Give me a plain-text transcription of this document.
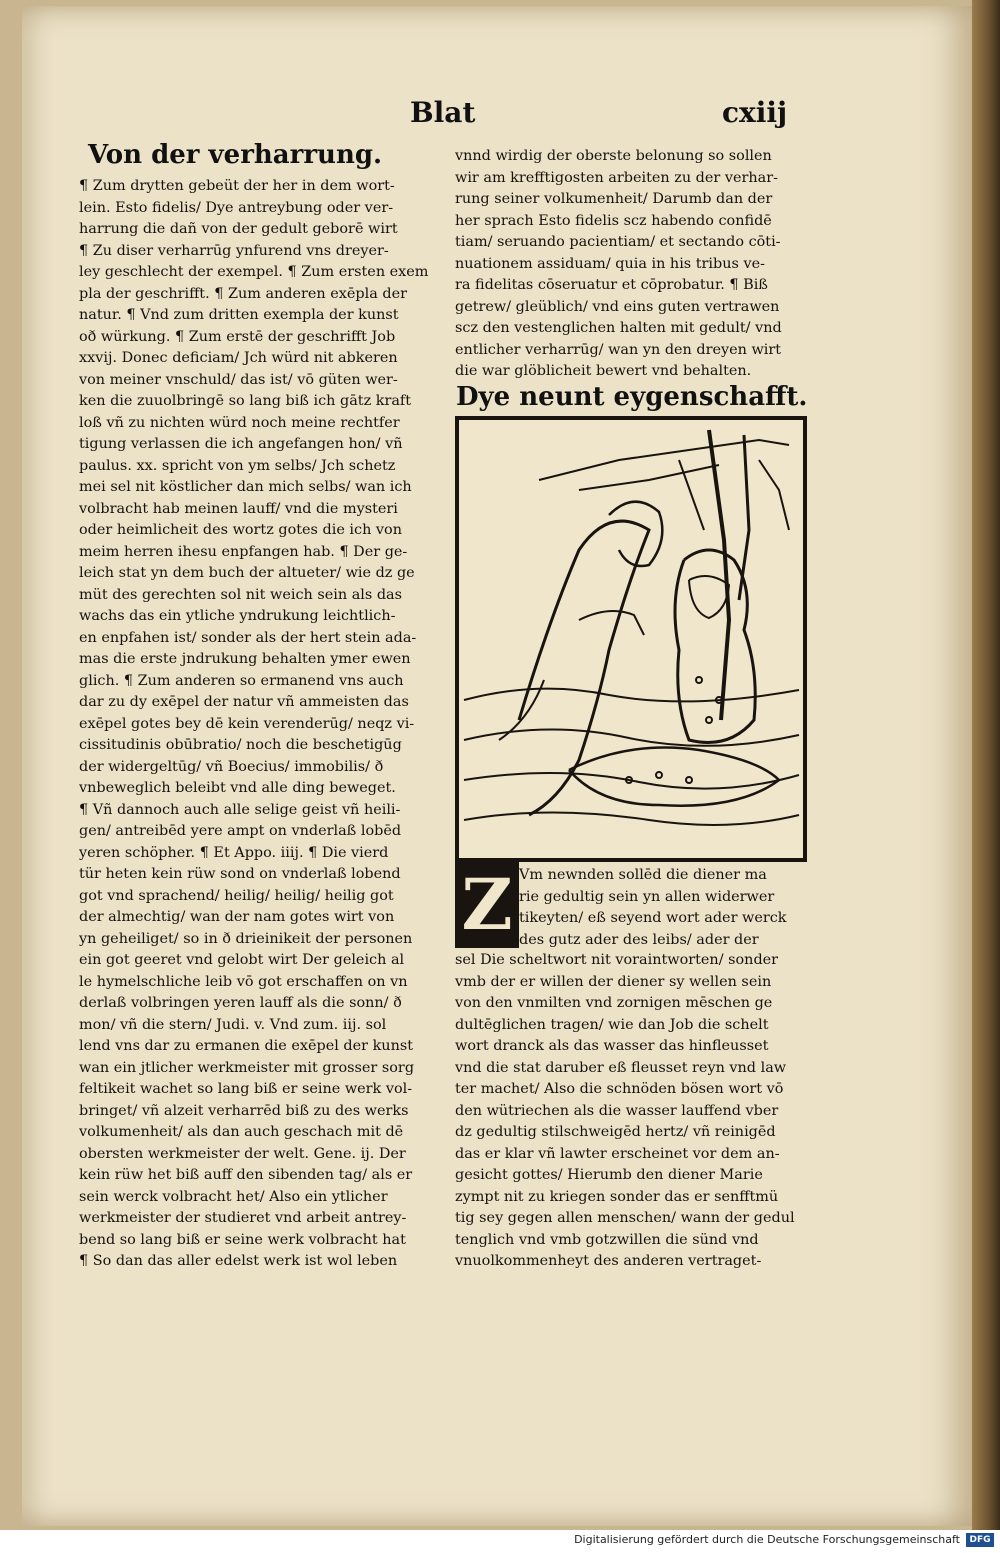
Blat	cxiij
Von der verharrung.
¶ Zum drytten gebeüt der her in dem wort-
lein. Esto fidelis/ Dye antreybung oder ver-
harrung die dañ von der gedult geborē wirt
¶ Zu diser verharrūg ynfurend vns dreyer-
ley geschlecht der exempel. ¶ Zum ersten exem
pla der geschrifft. ¶ Zum anderen exēpla der
natur. ¶ Vnd zum dritten exempla der kunst
oð würkung. ¶ Zum erstē der geschrifft Job
xxvij. Donec deficiam/ Jch würd nit abkeren
von meiner vnschuld/ das ist/ vō güten wer-
ken die zuuolbringē so lang biß ich gātz kraft
loß vñ zu nichten würd noch meine rechtfer
tigung verlassen die ich angefangen hon/ vñ
paulus. xx. spricht von ym selbs/ Jch schetz
mei sel nit köstlicher dan mich selbs/ wan ich
volbracht hab meinen lauff/ vnd die mysteri
oder heimlicheit des wortz gotes die ich von
meim herren ihesu enpfangen hab. ¶ Der ge-
leich stat yn dem buch der altueter/ wie dz ge
müt des gerechten sol nit weich sein als das
wachs das ein ytliche yndrukung leichtlich-
en enpfahen ist/ sonder als der hert stein ada-
mas die erste jndrukung behalten ymer ewen
glich. ¶ Zum anderen so ermanend vns auch
dar zu dy exēpel der natur vñ ammeisten das
exēpel gotes bey dē kein verenderūg/ neqz vi-
cissitudinis obūbratio/ noch die beschetigūg
der widergeltūg/ vñ Boecius/ immobilis/ ð
vnbeweglich beleibt vnd alle ding beweget.
¶ Vñ dannoch auch alle selige geist vñ heili-
gen/ antreibēd yere ampt on vnderlaß lobēd
yeren schöpher. ¶ Et Appo. iiij. ¶ Die vierd
tür heten kein rüw sond on vnderlaß lobend
got vnd sprachend/ heilig/ heilig/ heilig got
der almechtig/ wan der nam gotes wirt von
yn geheiliget/ so in ð drieinikeit der personen
ein got geeret vnd gelobt wirt Der geleich al
le hymelschliche leib vō got erschaffen on vn
derlaß volbringen yeren lauff als die sonn/ ð
mon/ vñ die stern/ Judi. v. Vnd zum. iij. sol
lend vns dar zu ermanen die exēpel der kunst
wan ein jtlicher werkmeister mit grosser sorg
feltikeit wachet so lang biß er seine werk vol-
bringet/ vñ alzeit verharrēd biß zu des werks
volkumenheit/ als dan auch geschach mit dē
obersten werkmeister der welt. Gene. ij. Der
kein rüw het biß auff den sibenden tag/ als er
sein werck volbracht het/ Also ein ytlicher
werkmeister der studieret vnd arbeit antrey-
bend so lang biß er seine werk volbracht hat
¶ So dan das aller edelst werk ist wol leben
vnnd wirdig der oberste belonung so sollen
wir am krefftigosten arbeiten zu der verhar-
rung seiner volkumenheit/ Darumb dan der
her sprach Esto fidelis scz habendo confidē
tiam/ seruando pacientiam/ et sectando cōti-
nuationem assiduam/ quia in his tribus ve-
ra fidelitas cōseruatur et cōprobatur. ¶ Biß
getrew/ gleüblich/ vnd eins guten vertrawen
scz den vestenglichen halten mit gedult/ vnd
entlicher verharrūg/ wan yn den dreyen wirt
die war glöblicheit bewert vnd behalten.
Dye neunt eygenschafft.
Z Vm newnden sollēd die diener ma
rie gedultig sein yn allen widerwer
tikeyten/ eß seyend wort ader werck
des gutz ader des leibs/ ader der
sel Die scheltwort nit voraintworten/ sonder
vmb der er willen der diener sy wellen sein
von den vnmilten vnd zornigen mēschen ge
dultēglichen tragen/ wie dan Job die schelt
wort dranck als das wasser das hinfleusset
vnd die stat daruber eß fleusset reyn vnd law
ter machet/ Also die schnöden bösen wort vō
den wütriechen als die wasser lauffend vber
dz gedultig stilschweigēd hertz/ vñ reinigēd
das er klar vñ lawter erscheinet vor dem an-
gesicht gottes/ Hierumb den diener Marie
zympt nit zu kriegen sonder das er senfftmü
tig sey gegen allen menschen/ wann der gedul
tenglich vnd vmb gotzwillen die sünd vnd
vnuolkommenheyt des anderen vertraget-
Digitalisierung gefördert durch die Deutsche Forschungsgemeinschaft	DFG
